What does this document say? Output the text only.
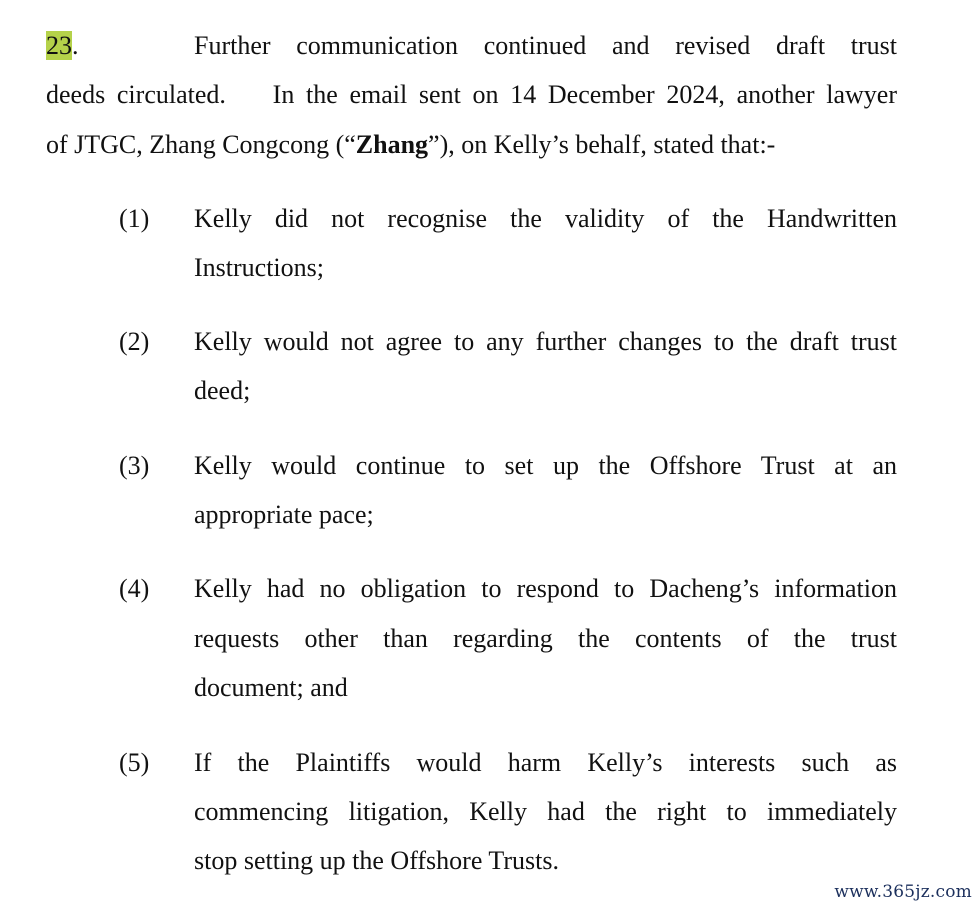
23.	Further communication continued and revised draft trust
deeds circulated.    In the email sent on 14 December 2024, another lawyer
of JTGC, Zhang Congcong (“Zhang”), on Kelly’s behalf, stated that:-
(1) Kelly did not recognise the validity of the Handwritten
Instructions;
(2) Kelly would not agree to any further changes to the draft trust
deed;
(3) Kelly would continue to set up the Offshore Trust at an
appropriate pace;
(4) Kelly had no obligation to respond to Dacheng’s information
requests other than regarding the contents of the trust
document; and
(5) If the Plaintiffs would harm Kelly’s interests such as
commencing litigation, Kelly had the right to immediately
stop setting up the Offshore Trusts.
www.365jz.com
